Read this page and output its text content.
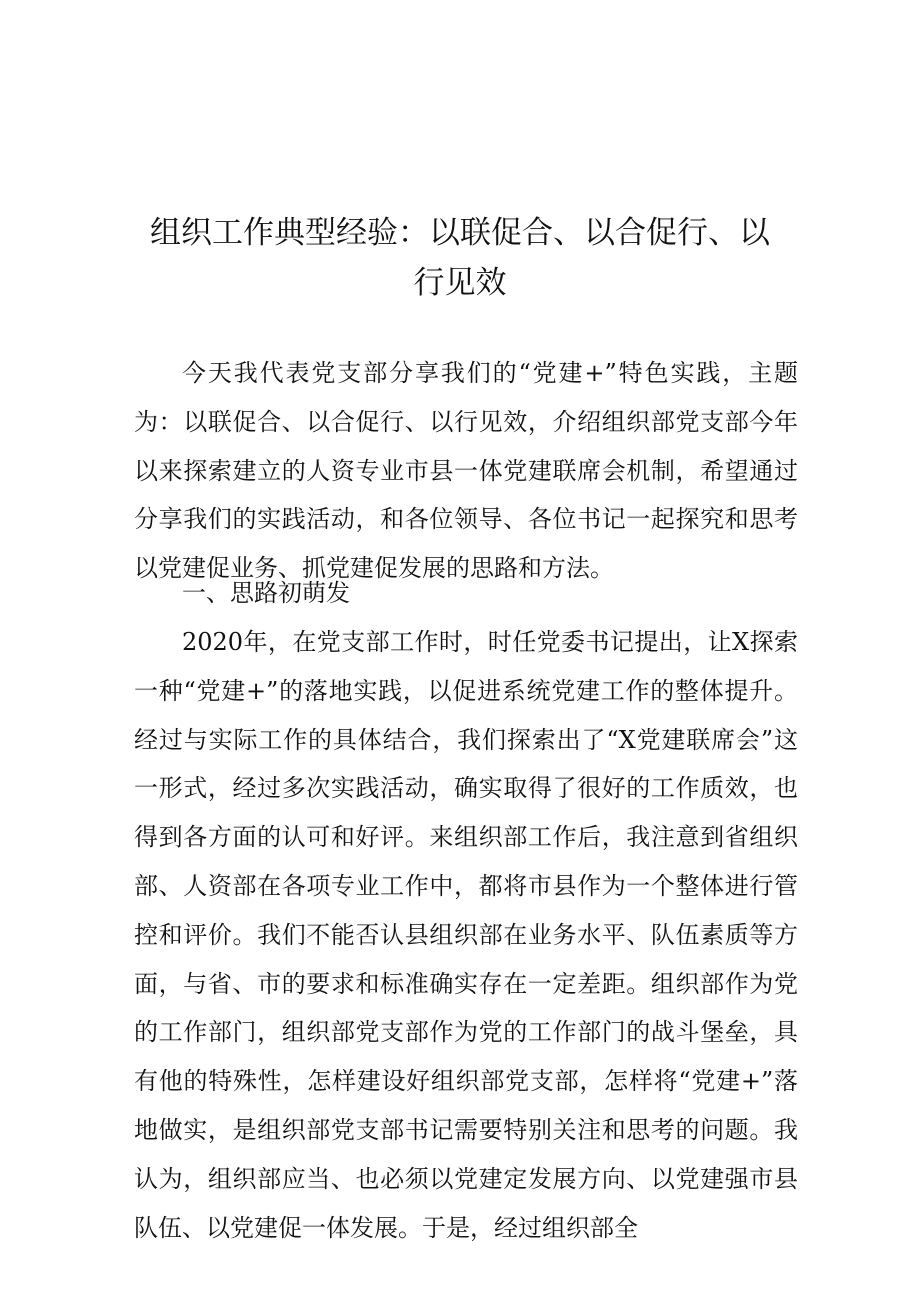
组织工作典型经验：以联促合、以合促行、以
行见效

今天我代表党支部分享我们的“党建+”特色实践，主题为：以联促合、以合促行、以行见效，介绍组织部党支部今年以来探索建立的人资专业市县一体党建联席会机制，希望通过分享我们的实践活动，和各位领导、各位书记一起探究和思考以党建促业务、抓党建促发展的思路和方法。

一、思路初萌发

2020年，在党支部工作时，时任党委书记提出，让X探索一种“党建+”的落地实践，以促进系统党建工作的整体提升。经过与实际工作的具体结合，我们探索出了“X党建联席会”这一形式，经过多次实践活动，确实取得了很好的工作质效，也得到各方面的认可和好评。来组织部工作后，我注意到省组织部、人资部在各项专业工作中，都将市县作为一个整体进行管控和评价。我们不能否认县组织部在业务水平、队伍素质等方面，与省、市的要求和标准确实存在一定差距。组织部作为党的工作部门，组织部党支部作为党的工作部门的战斗堡垒，具有他的特殊性，怎样建设好组织部党支部，怎样将“党建+”落地做实，是组织部党支部书记需要特别关注和思考的问题。我认为，组织部应当、也必须以党建定发展方向、以党建强市县队伍、以党建促一体发展。于是，经过组织部全
